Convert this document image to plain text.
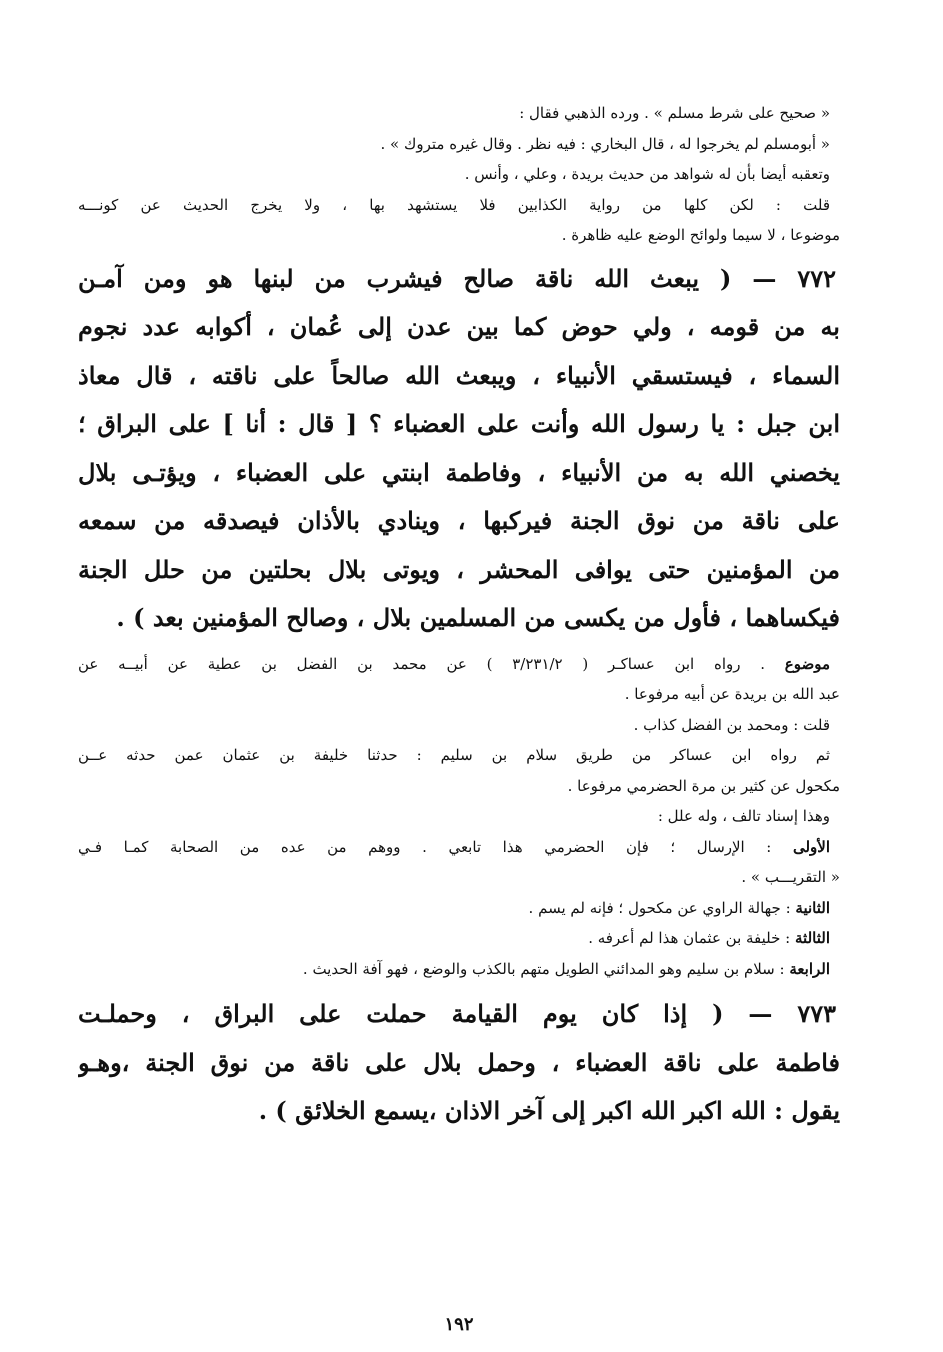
« صحيح على شرط مسلم » . ورده الذهبي فقال :

« أبومسلم لم يخرجوا له ، قال البخاري : فيه نظر . وقال غيره متروك » .

وتعقبه أيضا بأن له شواهد من حديث بريدة ، وعلي ، وأنس .

قلت : لكن كلها من رواية الكذابين فلا يستشهد بها ، ولا يخرج الحديث عن كونـــه

موضوعا ، لا سيما ولوائح الوضع عليه ظاهرة .

٧٧٢ — ( يبعث الله ناقة صالح فيشرب من لبنها هو ومن آمـن

به من قومه ، ولي حوض كما بين عدن إلى عُمان ، أكوابه عدد نجوم

السماء ، فيستسقي الأنبياء ، ويبعث الله صالحاً على ناقته ، قال معاذ

ابن جبل : يا رسول الله وأنت على العضباء ؟ [ قال : أنا ] على البراق ؛

يخصني الله به من الأنبياء ، وفاطمة ابنتي على العضباء ، ويؤتـى بلال

على ناقة من نوق الجنة فيركبها ، وينادي بالأذان فيصدقه من سمعه

من المؤمنين حتى يوافى المحشر ، ويوتى بلال بحلتين من حلل الجنة

فيكساهما ، فأول من يكسى من المسلمين بلال ، وصالح المؤمنين بعد ) .

موضوع . رواه ابن عساكـر ( ٣/٢٣١/٢ ) عن محمد بن الفضل بن عطية عن أبيــه عن

عبد الله بن بريدة عن أبيه مرفوعا .

قلت : ومحمد بن الفضل كذاب .

ثم رواه ابن عساكر من طريق سلام بن سليم : حدثنا خليفة بن عثمان عمن حدثه عــن

مكحول عن كثير بن مرة الحضرمي مرفوعا .

وهذا إسناد تالف ، وله علل :

الأولى : الإرسال ؛ فإن الحضرمي هذا تابعي . ووهم من عده من الصحابة كمـا فـي

« التقريـــب » .

الثانية : جهالة الراوي عن مكحول ؛ فإنه لم يسم .

الثالثة : خليفة بن عثمان هذا لم أعرفه .

الرابعة : سلام بن سليم وهو المدائني الطويل متهم بالكذب والوضع ، فهو آفة الحديث .

٧٧٣ — ( إذا كان يوم القيامة حملت على البراق ، وحملـت

فاطمة على ناقة العضباء ، وحمل بلال على ناقة من نوق الجنة ،وهـو

يقول : الله اكبر الله اكبر إلى آخر الاذان ،يسمع الخلائق ) .

١٩٢
